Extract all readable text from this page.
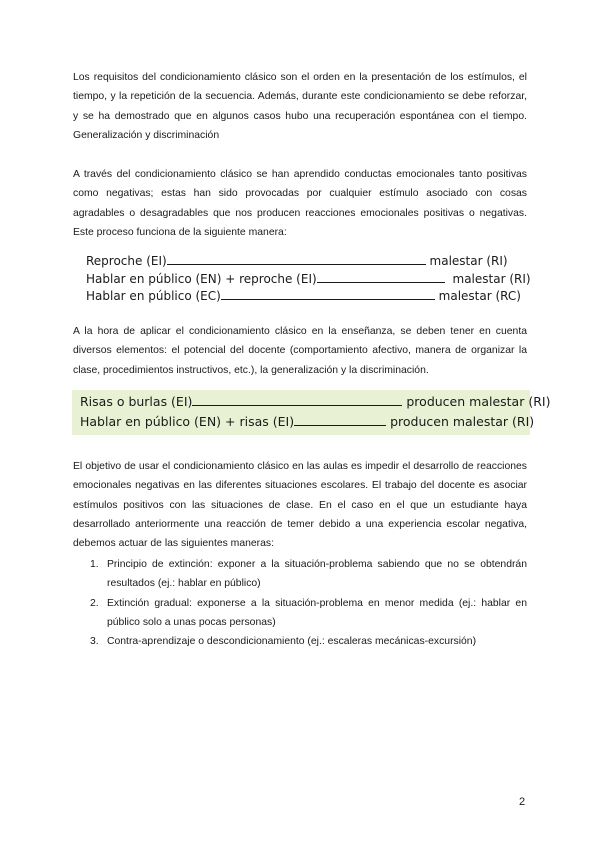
Los requisitos del condicionamiento clásico son el orden en la presentación de los estímulos, el tiempo, y la repetición de la secuencia. Además, durante este condicionamiento se debe reforzar, y se ha demostrado que en algunos casos hubo una recuperación espontánea con el tiempo. Generalización y discriminación

A través del condicionamiento clásico se han aprendido conductas emocionales tanto positivas como negativas; estas han sido provocadas por cualquier estímulo asociado con cosas agradables o desagradables que nos producen reacciones emocionales positivas o negativas. Este proceso funciona de la siguiente manera:

Reproche (EI)	malestar (RI)
Hablar en público (EN) + reproche (EI)	malestar (RI)
Hablar en público (EC)	malestar (RC)

A la hora de aplicar el condicionamiento clásico en la enseñanza, se deben tener en cuenta diversos elementos: el potencial del docente (comportamiento afectivo, manera de organizar la clase, procedimientos instructivos, etc.), la generalización y la discriminación.

Risas o burlas (EI)	producen malestar (RI)
Hablar en público (EN) + risas (EI)	producen malestar (RI)

El objetivo de usar el condicionamiento clásico en las aulas es impedir el desarrollo de reacciones emocionales negativas en las diferentes situaciones escolares. El trabajo del docente es asociar estímulos positivos con las situaciones de clase. En el caso en el que un estudiante haya desarrollado anteriormente una reacción de temer debido a una experiencia escolar negativa, debemos actuar de las siguientes maneras:

1. Principio de extinción: exponer a la situación-problema sabiendo que no se obtendrán resultados (ej.: hablar en público)
2. Extinción gradual: exponerse a la situación-problema en menor medida (ej.: hablar en público solo a unas pocas personas)
3. Contra-aprendizaje o descondicionamiento (ej.: escaleras mecánicas-excursión)
2
